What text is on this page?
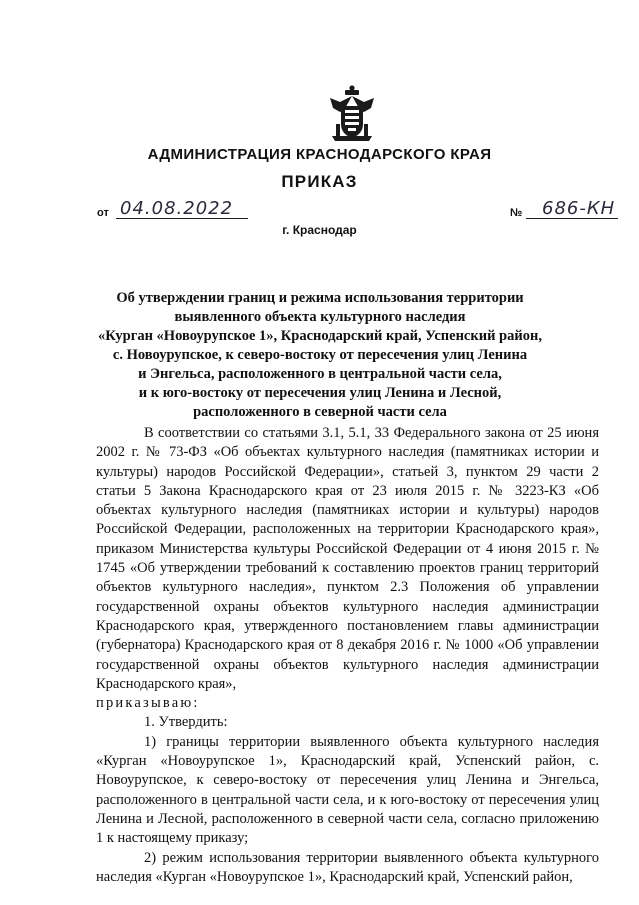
АДМИНИСТРАЦИЯ КРАСНОДАРСКОГО КРАЯ
ПРИКАЗ
от 04.08.2022	№ 686-КН
г. Краснодар
Об утверждении границ и режима использования территории
выявленного объекта культурного наследия
«Курган «Новоурупское 1», Краснодарский край, Успенский район,
с. Новоурупское, к северо-востоку от пересечения улиц Ленина
и Энгельса, расположенного в центральной части села,
и к юго-востоку от пересечения улиц Ленина и Лесной,
расположенного в северной части села

В соответствии со статьями 3.1, 5.1, 33 Федерального закона от 25 июня 2002 г. № 73-ФЗ «Об объектах культурного наследия (памятниках истории и культуры) народов Российской Федерации», статьей 3, пунктом 29 части 2 статьи 5 Закона Краснодарского края от 23 июля 2015 г. № 3223-КЗ «Об объектах культурного наследия (памятниках истории и культуры) народов Российской Федерации, расположенных на территории Краснодарского края», приказом Министерства культуры Российской Федерации от 4 июня 2015 г. № 1745 «Об утверждении требований к составлению проектов границ территорий объектов культурного наследия», пунктом 2.3 Положения об управлении государственной охраны объектов культурного наследия администрации Краснодарского края, утвержденного постановлением главы администрации (губернатора) Краснодарского края от 8 декабря 2016 г. № 1000 «Об управлении государственной охраны объектов культурного наследия администрации Краснодарского края»,

приказываю:

1. Утвердить:

1) границы территории выявленного объекта культурного наследия «Курган «Новоурупское 1», Краснодарский край, Успенский район, с. Новоурупское, к северо-востоку от пересечения улиц Ленина и Энгельса, расположенного в центральной части села, и к юго-востоку от пересечения улиц Ленина и Лесной, расположенного в северной части села, согласно приложению 1 к настоящему приказу;

2) режим использования территории выявленного объекта культурного наследия «Курган «Новоурупское 1», Краснодарский край, Успенский район,
